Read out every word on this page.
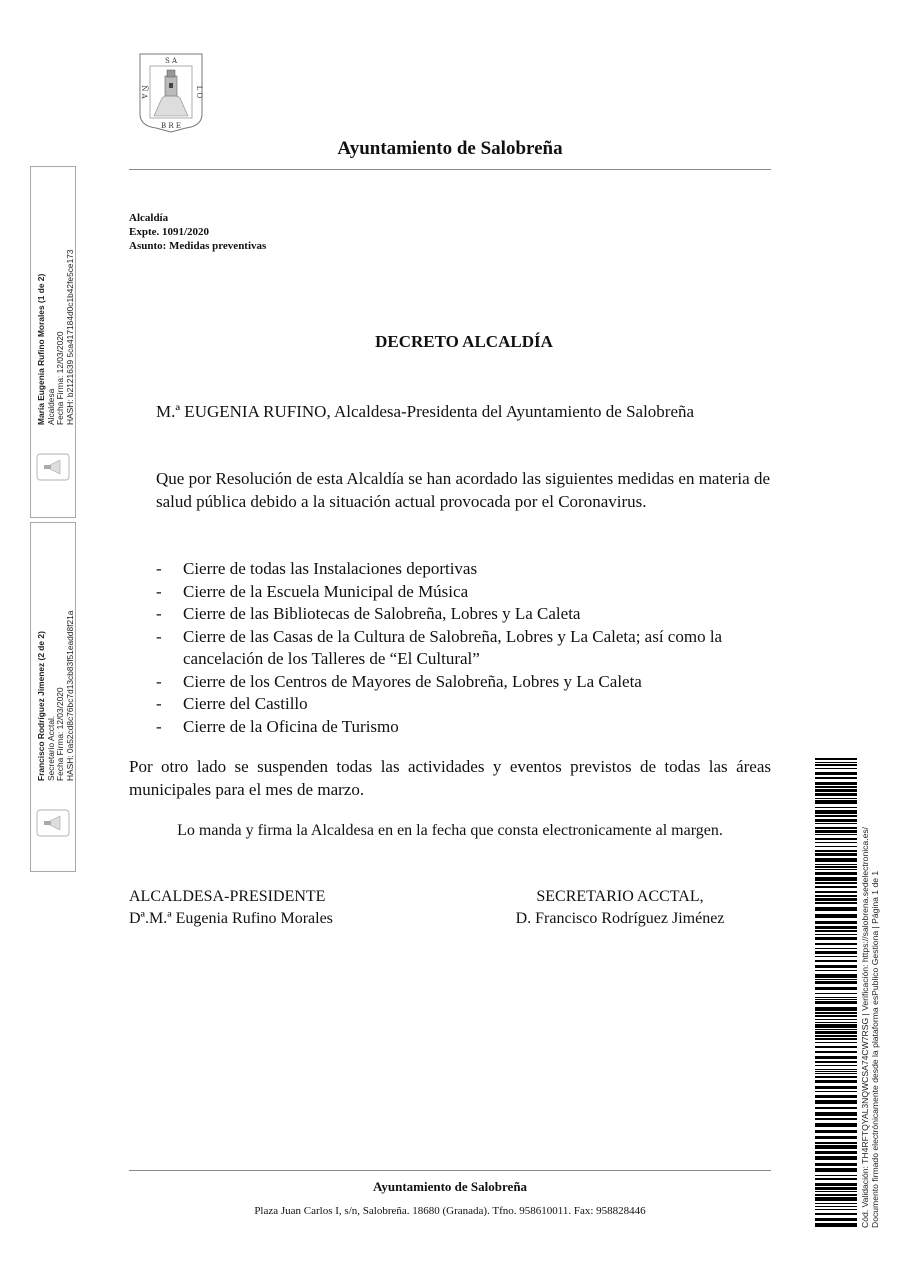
S A
B R E
Ñ A	L O
Ayuntamiento de Salobreña
Alcaldía
Expte. 1091/2020
Asunto: Medidas preventivas
DECRETO ALCALDÍA
M.ª EUGENIA RUFINO, Alcaldesa-Presidenta del Ayuntamiento de Salobreña
Que por Resolución de esta Alcaldía se han acordado las siguientes medidas en materia de salud pública debido a la situación actual provocada por el Coronavirus.
- Cierre de todas las Instalaciones deportivas
- Cierre de la Escuela Municipal de Música
- Cierre de las Bibliotecas de Salobreña, Lobres y La Caleta
- Cierre de las Casas de la Cultura de Salobreña, Lobres y La Caleta; así como la cancelación de los Talleres de “El Cultural”
- Cierre de los Centros de Mayores de Salobreña, Lobres y La Caleta
- Cierre del Castillo
- Cierre de la Oficina de Turismo
Por otro lado se suspenden todas las actividades y eventos previstos de todas las áreas municipales para el mes de marzo.
Lo manda y firma la Alcaldesa en en la fecha que consta electronicamente al margen.
ALCALDESA-PRESIDENTE
Dª.M.ª Eugenia Rufino Morales
SECRETARIO ACCTAL,
D. Francisco Rodríguez Jiménez
Ayuntamiento de Salobreña
Plaza Juan Carlos I, s/n, Salobreña. 18680 (Granada). Tfno. 958610011. Fax: 958828446
María Eugenia Rufino Morales (1 de 2) Alcaldesa Fecha Firma: 12/03/2020 HASH: b2121639 5ca417184d0c1b42fe5ce173
Francisco Rodríguez Jimenez (2 de 2) Secretario Acctal. Fecha Firma: 12/03/2020 HASH: 0a52cd8c76bc7d13cb83f51eadd8f21a
Cód. Validación: TH4RFTQYAL3NQWCSA74CW7RSG | Verificación: https://salobrena.sedelectronica.es/ Documento firmado electrónicamente desde la plataforma esPublico Gestiona | Página 1 de 1
